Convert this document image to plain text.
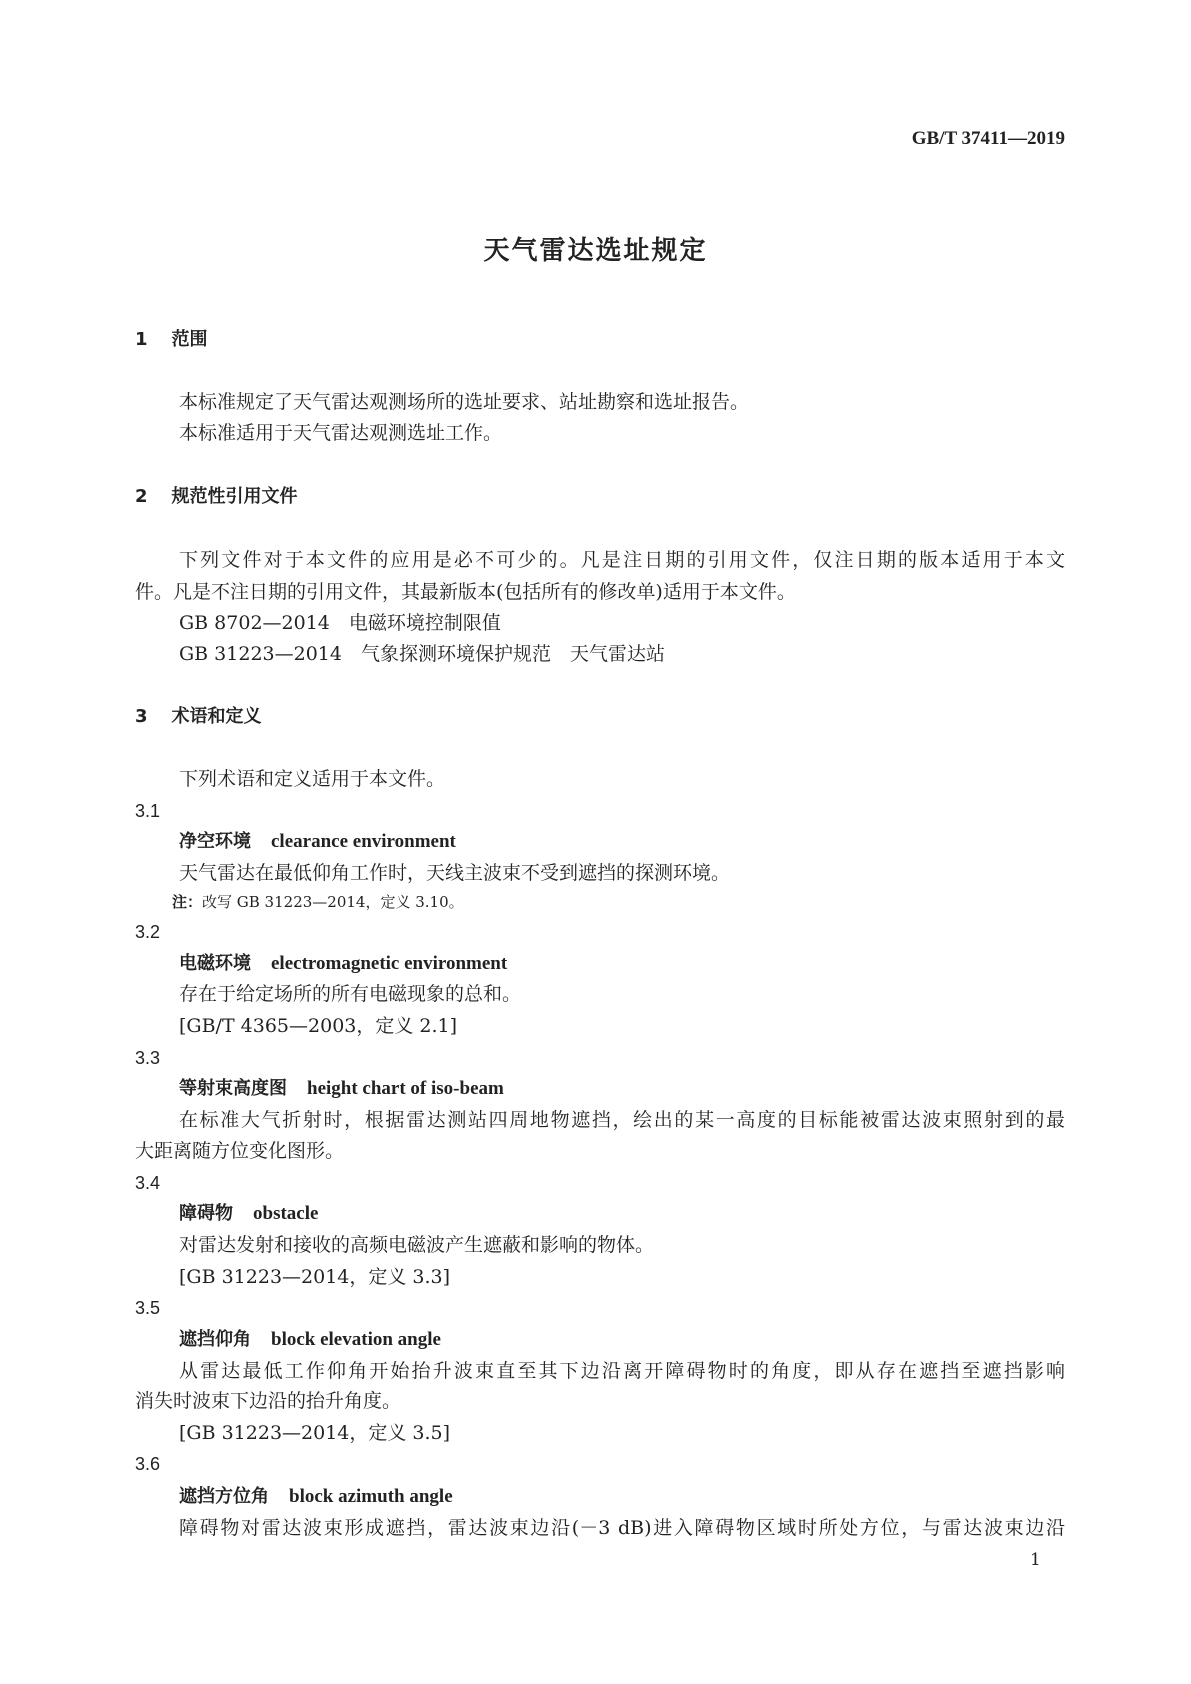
GB/T 37411—2019
天气雷达选址规定
1 范围
本标准规定了天气雷达观测场所的选址要求、站址勘察和选址报告。
本标准适用于天气雷达观测选址工作。
2 规范性引用文件
下列文件对于本文件的应用是必不可少的。凡是注日期的引用文件，仅注日期的版本适用于本文
件。凡是不注日期的引用文件，其最新版本(包括所有的修改单)适用于本文件。
GB 8702—2014　电磁环境控制限值
GB 31223—2014　气象探测环境保护规范　天气雷达站
3 术语和定义
下列术语和定义适用于本文件。
3.1
净空环境 clearance environment
天气雷达在最低仰角工作时，天线主波束不受到遮挡的探测环境。
注：改写 GB 31223—2014，定义 3.10。
3.2
电磁环境 electromagnetic environment
存在于给定场所的所有电磁现象的总和。
[GB/T 4365—2003，定义 2.1]
3.3
等射束高度图 height chart of iso-beam
在标准大气折射时，根据雷达测站四周地物遮挡，绘出的某一高度的目标能被雷达波束照射到的最
大距离随方位变化图形。
3.4
障碍物 obstacle
对雷达发射和接收的高频电磁波产生遮蔽和影响的物体。
[GB 31223—2014，定义 3.3]
3.5
遮挡仰角 block elevation angle
从雷达最低工作仰角开始抬升波束直至其下边沿离开障碍物时的角度，即从存在遮挡至遮挡影响
消失时波束下边沿的抬升角度。
[GB 31223—2014，定义 3.5]
3.6
遮挡方位角 block azimuth angle
障碍物对雷达波束形成遮挡，雷达波束边沿(－3 dB)进入障碍物区域时所处方位，与雷达波束边沿
1
